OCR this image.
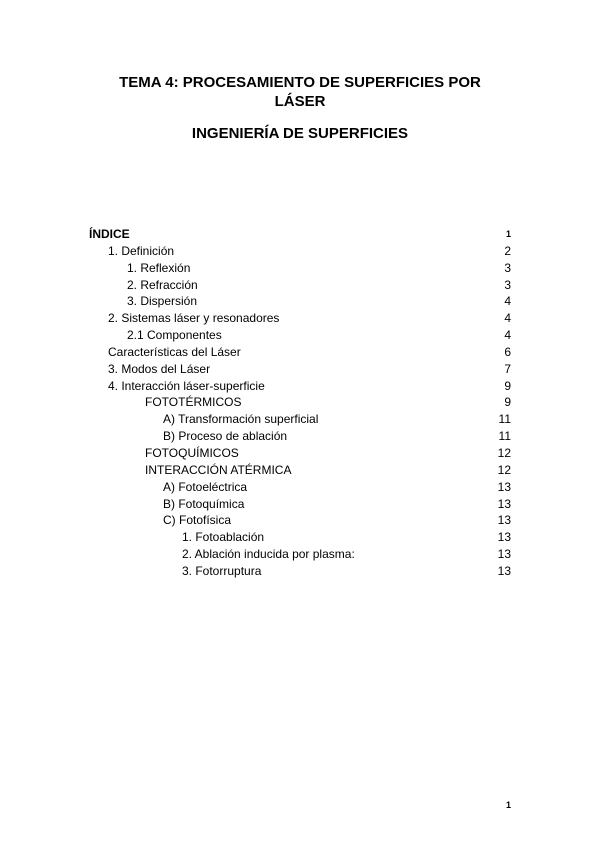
TEMA 4: PROCESAMIENTO DE SUPERFICIES POR LÁSER
INGENIERÍA DE SUPERFICIES
ÍNDICE	1
1. Definición	2
1. Reflexión	3
2. Refracción	3
3. Dispersión	4
2. Sistemas láser y resonadores	4
2.1 Componentes	4
Características del Láser	6
3. Modos del Láser	7
4. Interacción láser-superficie	9
FOTOTÉRMICOS	9
A) Transformación superficial	11
B) Proceso de ablación	11
FOTOQUÍMICOS	12
INTERACCIÓN ATÉRMICA	12
A) Fotoeléctrica	13
B) Fotoquímica	13
C) Fotofísica	13
1. Fotoablación	13
2. Ablación inducida por plasma:	13
3. Fotorruptura	13
1
